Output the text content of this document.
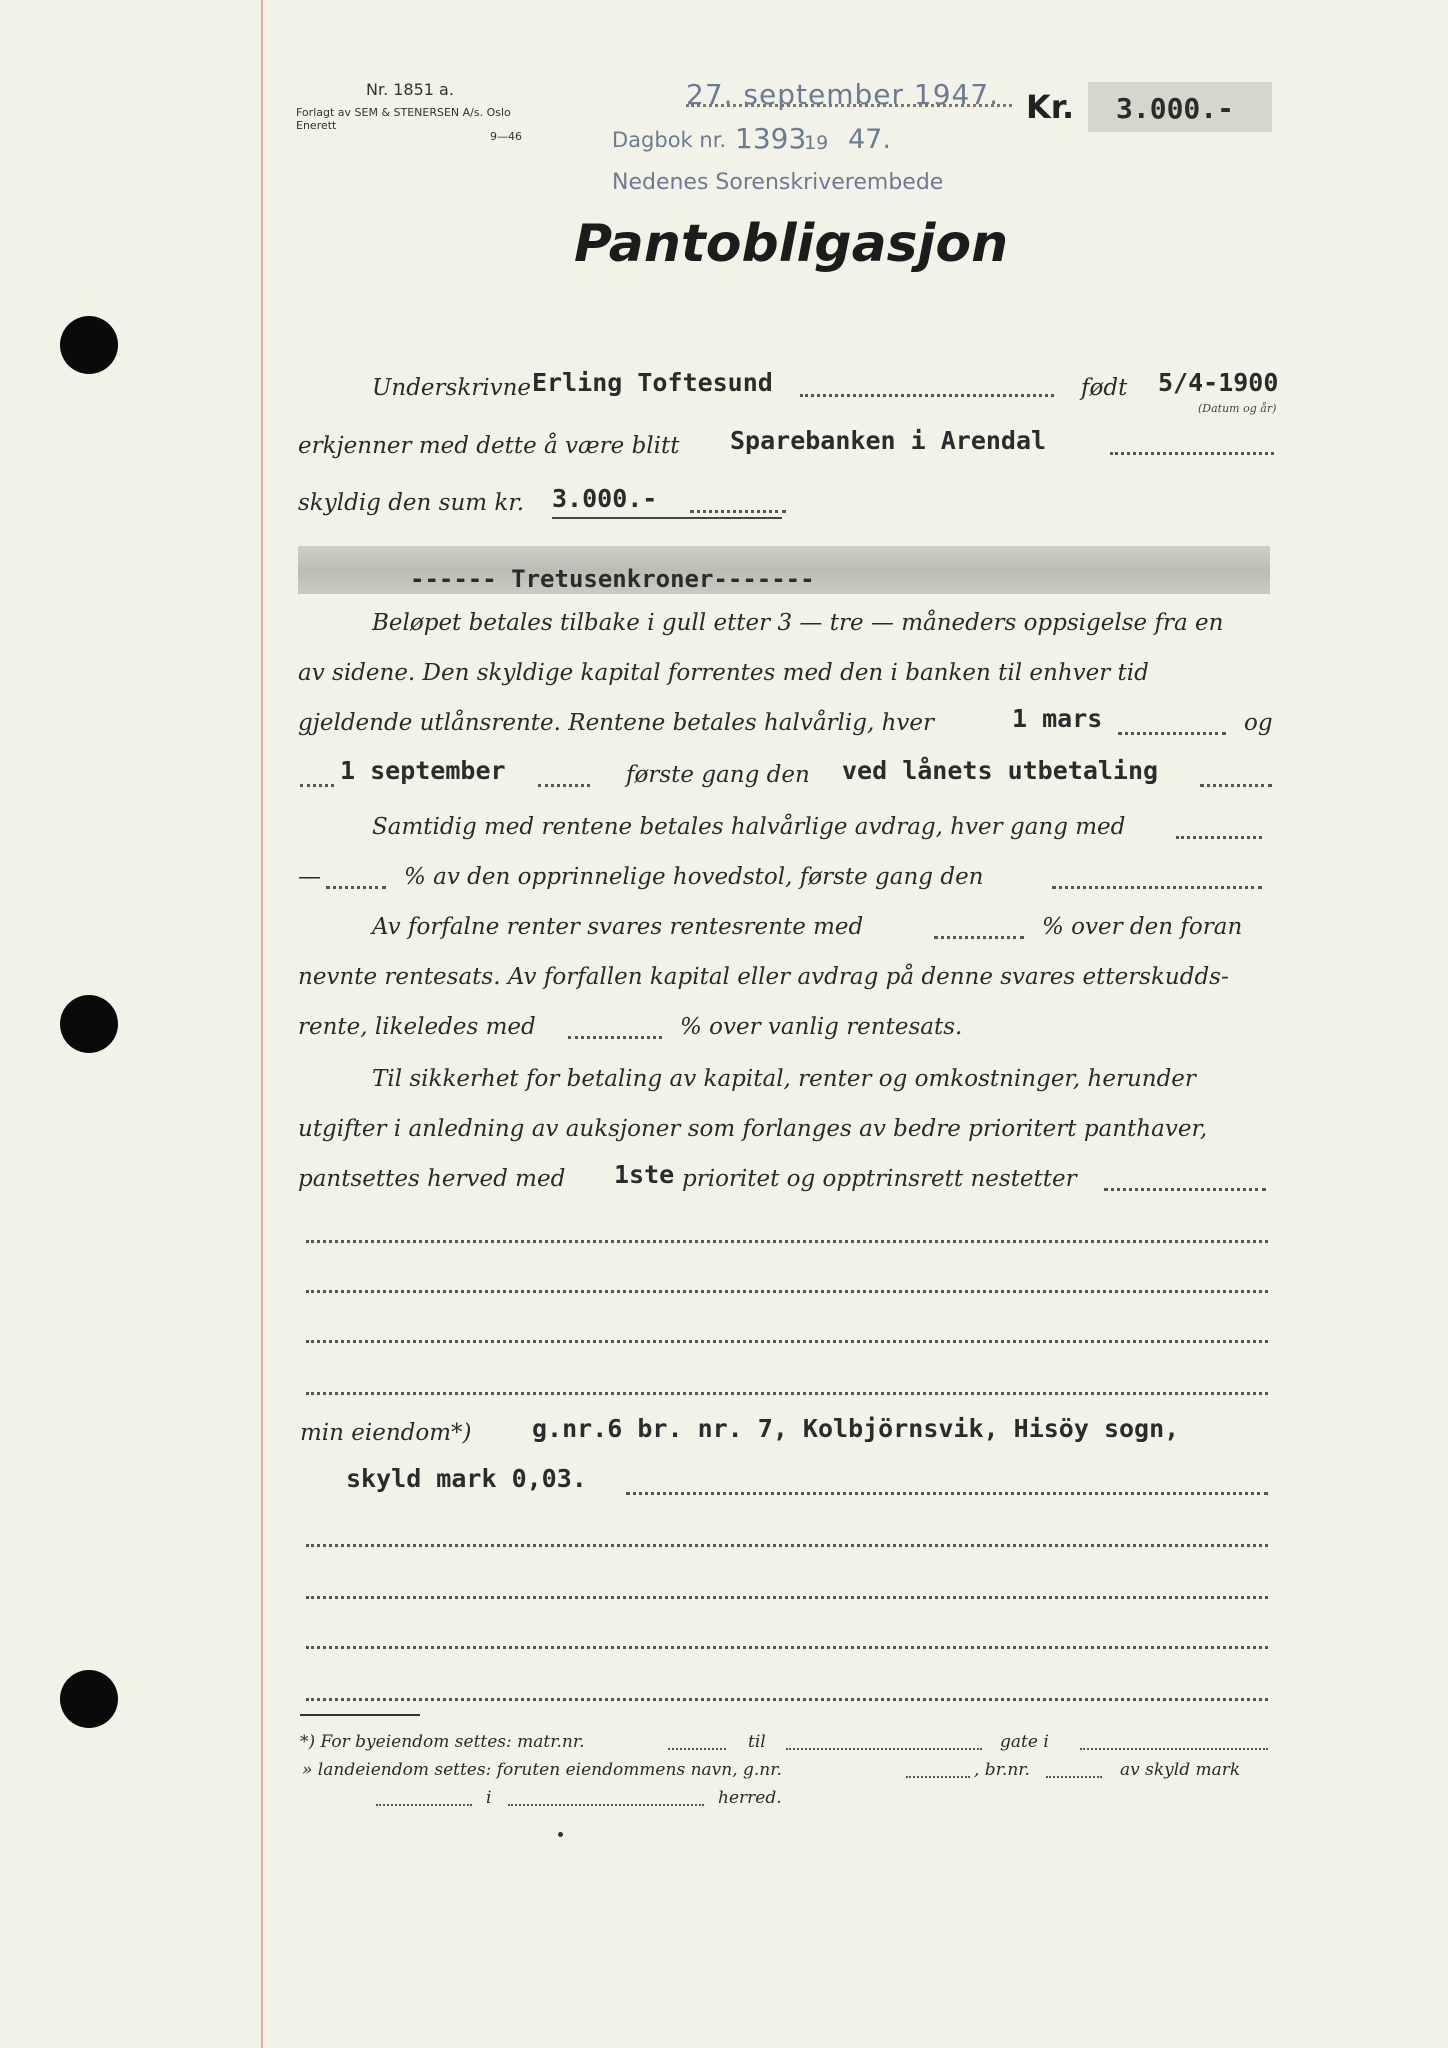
Nr. 1851 a.
Forlagt av SEM & STENERSEN A/s. Oslo
Enerett
9—46
27. september 1947. Kr. 3.000.-
Dagbok nr. 1393
19 47.
Nedenes Sorenskriverembede
Pantobligasjon
Underskrivne Erling Toftesund	født 5/4-1900
(Datum og år)
erkjenner med dette å være blitt Sparebanken i Arendal
skyldig den sum kr. 3.000.-
------ Tretusenkroner-------
Beløpet betales tilbake i gull etter 3 — tre — måneders oppsigelse fra en
av sidene. Den skyldige kapital forrentes med den i banken til enhver tid
gjeldende utlånsrente. Rentene betales halvårlig, hver	1 mars	og
1 september	første gang den ved lånets utbetaling
Samtidig med rentene betales halvårlige avdrag, hver gang med
—	% av den opprinnelige hovedstol, første gang den
Av forfalne renter svares rentesrente med	% over den foran
nevnte rentesats. Av forfallen kapital eller avdrag på denne svares etterskudds-
rente, likeledes med	% over vanlig rentesats.
Til sikkerhet for betaling av kapital, renter og omkostninger, herunder
utgifter i anledning av auksjoner som forlanges av bedre prioritert panthaver,
pantsettes herved med 1ste prioritet og opptrinsrett nestetter
min eiendom*) g.nr.6 br. nr. 7, Kolbjörnsvik, Hisöy sogn,
skyld mark 0,03.
*) For byeiendom settes: matr.nr.	til	gate i
» landeiendom settes: foruten eiendommens navn, g.nr.	, br.nr.	av skyld mark
i	herred.
